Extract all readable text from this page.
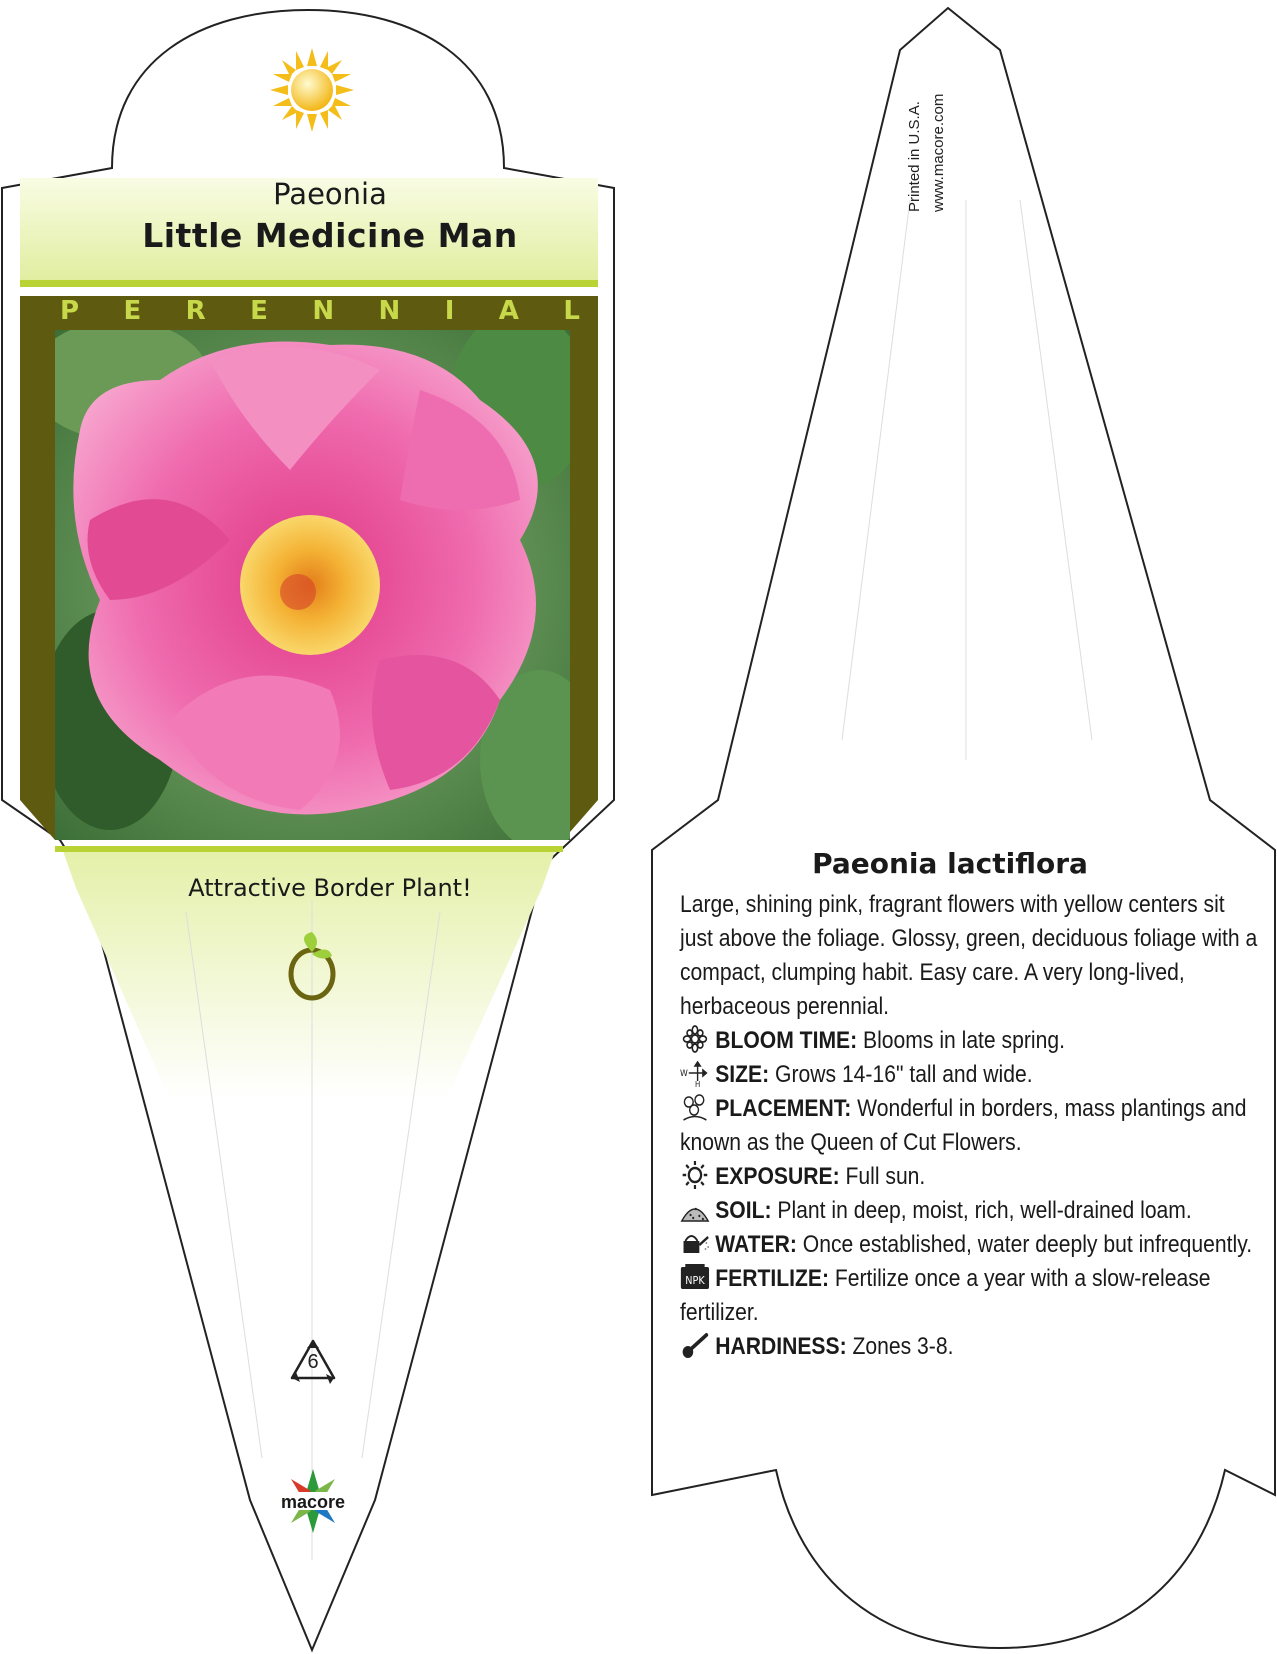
Paeonia
Little Medicine Man
P E R E N N I A L
Attractive Border Plant!
6
macore
Printed in U.S.A. www.macore.com
Paeonia lactiflora

Large, shining pink, fragrant flowers with yellow centers sit just above the foliage. Glossy, green, deciduous foliage with a compact, clumping habit. Easy care. A very long-lived, herbaceous perennial.

BLOOM TIME: Blooms in late spring.
W
H SIZE: Grows 14-16" tall and wide.
PLACEMENT: Wonderful in borders, mass plantings and known as the Queen of Cut Flowers.
EXPOSURE: Full sun.
SOIL: Plant in deep, moist, rich, well-drained loam.
WATER: Once established, water deeply but infrequently.
NPK FERTILIZE: Fertilize once a year with a slow-release fertilizer.
HARDINESS: Zones 3-8.
